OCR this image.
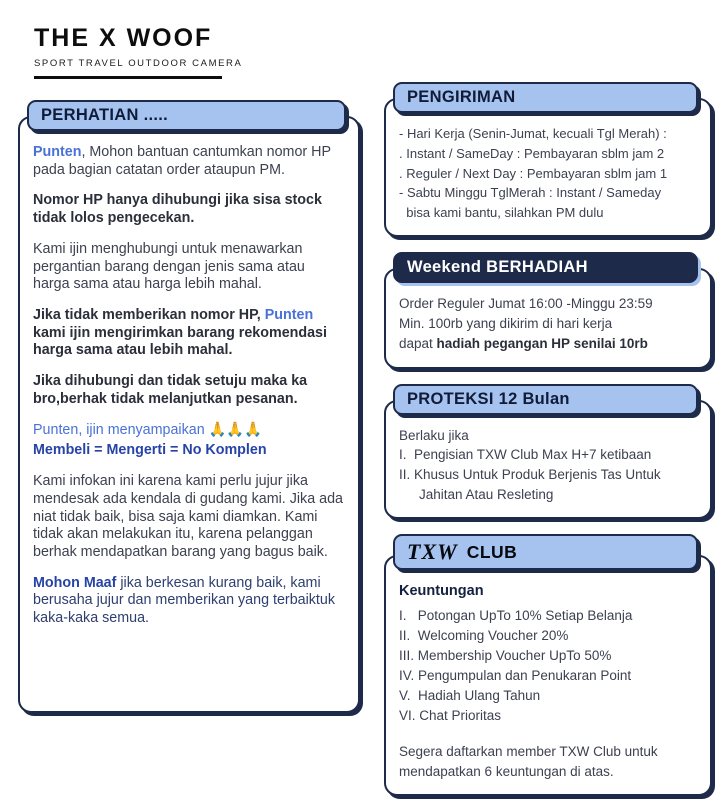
THE X WOOF
SPORT TRAVEL OUTDOOR CAMERA
PERHATIAN .....

Punten, Mohon bantuan cantumkan nomor HP pada bagian catatan order ataupun PM.

Nomor HP hanya dihubungi jika sisa stock tidak lolos pengecekan.

Kami ijin menghubungi untuk menawarkan pergantian barang dengan jenis sama atau harga sama atau harga lebih mahal.

Jika tidak memberikan nomor HP, Punten kami ijin mengirimkan barang rekomendasi harga sama atau lebih mahal.

Jika dihubungi dan tidak setuju maka ka bro,berhak tidak melanjutkan pesanan.

Punten, ijin menyampaikan 🙏🙏🙏

Membeli = Mengerti = No Komplen

Kami infokan ini karena kami perlu jujur jika mendesak ada kendala di gudang kami. Jika ada niat tidak baik, bisa saja kami diamkan. Kami tidak akan melakukan itu, karena pelanggan berhak mendapatkan barang yang bagus baik.

Mohon Maaf jika berkesan kurang baik, kami berusaha jujur dan memberikan yang terbaiktuk kaka-kaka semua.

PENGIRIMAN

- Hari Kerja (Senin-Jumat, kecuali Tgl Merah) :

. Instant / SameDay : Pembayaran sblm jam 2

. Reguler / Next Day : Pembayaran sblm jam 1

- Sabtu Minggu TglMerah : Instant / Sameday

bisa kami bantu, silahkan PM dulu

Weekend BERHADIAH

Order Reguler Jumat 16:00 -Minggu 23:59

Min. 100rb yang dikirim di hari kerja

dapat hadiah pegangan HP senilai 10rb

PROTEKSI 12 Bulan

Berlaku jika

I.  Pengisian TXW Club Max H+7 ketibaan

II. Khusus Untuk Produk Berjenis Tas Untuk Jahitan Atau Resleting

TXW CLUB

Keuntungan

I.   Potongan UpTo 10% Setiap Belanja

II.  Welcoming Voucher 20%

III. Membership Voucher UpTo 50%

IV. Pengumpulan dan Penukaran Point

V.  Hadiah Ulang Tahun

VI. Chat Prioritas

Segera daftarkan member TXW Club untuk mendapatkan 6 keuntungan di atas.
